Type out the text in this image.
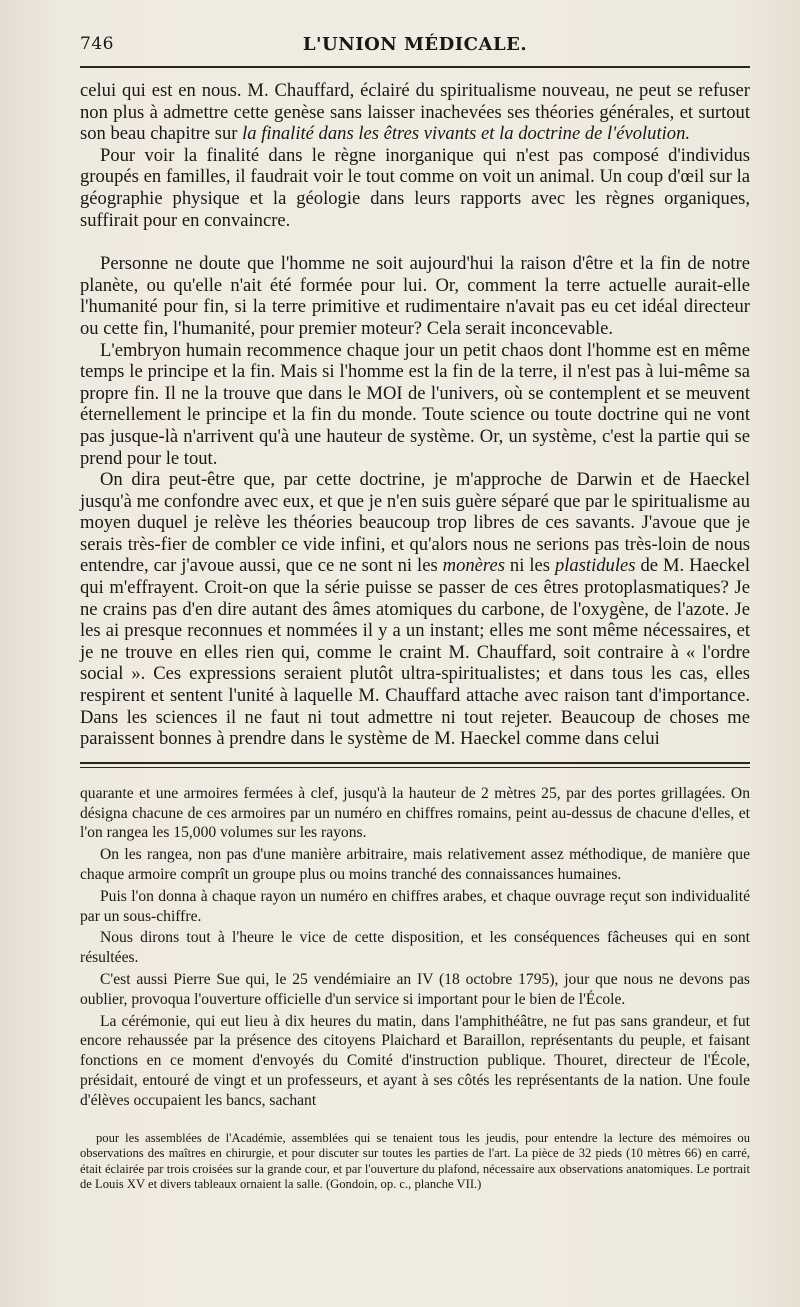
746	L'UNION MÉDICALE.

celui qui est en nous. M. Chauffard, éclairé du spiritualisme nouveau, ne peut se refuser non plus à admettre cette genèse sans laisser inachevées ses théories générales, et surtout son beau chapitre sur la finalité dans les êtres vivants et la doctrine de l'évolution.

Pour voir la finalité dans le règne inorganique qui n'est pas composé d'individus groupés en familles, il faudrait voir le tout comme on voit un animal. Un coup d'œil sur la géographie physique et la géologie dans leurs rapports avec les règnes organiques, suffirait pour en convaincre.

Personne ne doute que l'homme ne soit aujourd'hui la raison d'être et la fin de notre planète, ou qu'elle n'ait été formée pour lui. Or, comment la terre actuelle aurait-elle l'humanité pour fin, si la terre primitive et rudimentaire n'avait pas eu cet idéal directeur ou cette fin, l'humanité, pour premier moteur? Cela serait inconcevable.

L'embryon humain recommence chaque jour un petit chaos dont l'homme est en même temps le principe et la fin. Mais si l'homme est la fin de la terre, il n'est pas à lui-même sa propre fin. Il ne la trouve que dans le MOI de l'univers, où se contemplent et se meuvent éternellement le principe et la fin du monde. Toute science ou toute doctrine qui ne vont pas jusque-là n'arrivent qu'à une hauteur de système. Or, un système, c'est la partie qui se prend pour le tout.

On dira peut-être que, par cette doctrine, je m'approche de Darwin et de Haeckel jusqu'à me confondre avec eux, et que je n'en suis guère séparé que par le spiritualisme au moyen duquel je relève les théories beaucoup trop libres de ces savants. J'avoue que je serais très-fier de combler ce vide infini, et qu'alors nous ne serions pas très-loin de nous entendre, car j'avoue aussi, que ce ne sont ni les monères ni les plastidules de M. Haeckel qui m'effrayent. Croit-on que la série puisse se passer de ces êtres protoplasmatiques? Je ne crains pas d'en dire autant des âmes atomiques du carbone, de l'oxygène, de l'azote. Je les ai presque reconnues et nommées il y a un instant; elles me sont même nécessaires, et je ne trouve en elles rien qui, comme le craint M. Chauffard, soit contraire à « l'ordre social ». Ces expressions seraient plutôt ultra-spiritualistes; et dans tous les cas, elles respirent et sentent l'unité à laquelle M. Chauffard attache avec raison tant d'importance. Dans les sciences il ne faut ni tout admettre ni tout rejeter. Beaucoup de choses me paraissent bonnes à prendre dans le système de M. Haeckel comme dans celui

quarante et une armoires fermées à clef, jusqu'à la hauteur de 2 mètres 25, par des portes grillagées. On désigna chacune de ces armoires par un numéro en chiffres romains, peint au-dessus de chacune d'elles, et l'on rangea les 15,000 volumes sur les rayons.

On les rangea, non pas d'une manière arbitraire, mais relativement assez méthodique, de manière que chaque armoire comprît un groupe plus ou moins tranché des connaissances humaines.

Puis l'on donna à chaque rayon un numéro en chiffres arabes, et chaque ouvrage reçut son individualité par un sous-chiffre.

Nous dirons tout à l'heure le vice de cette disposition, et les conséquences fâcheuses qui en sont résultées.

C'est aussi Pierre Sue qui, le 25 vendémiaire an IV (18 octobre 1795), jour que nous ne devons pas oublier, provoqua l'ouverture officielle d'un service si important pour le bien de l'École.

La cérémonie, qui eut lieu à dix heures du matin, dans l'amphithéâtre, ne fut pas sans grandeur, et fut encore rehaussée par la présence des citoyens Plaichard et Baraillon, représentants du peuple, et faisant fonctions en ce moment d'envoyés du Comité d'instruction publique. Thouret, directeur de l'École, présidait, entouré de vingt et un professeurs, et ayant à ses côtés les représentants de la nation. Une foule d'élèves occupaient les bancs, sachant

pour les assemblées de l'Académie, assemblées qui se tenaient tous les jeudis, pour entendre la lecture des mémoires ou observations des maîtres en chirurgie, et pour discuter sur toutes les parties de l'art. La pièce de 32 pieds (10 mètres 66) en carré, était éclairée par trois croisées sur la grande cour, et par l'ouverture du plafond, nécessaire aux observations anatomiques. Le portrait de Louis XV et divers tableaux ornaient la salle. (Gondoin, op. c., planche VII.)
